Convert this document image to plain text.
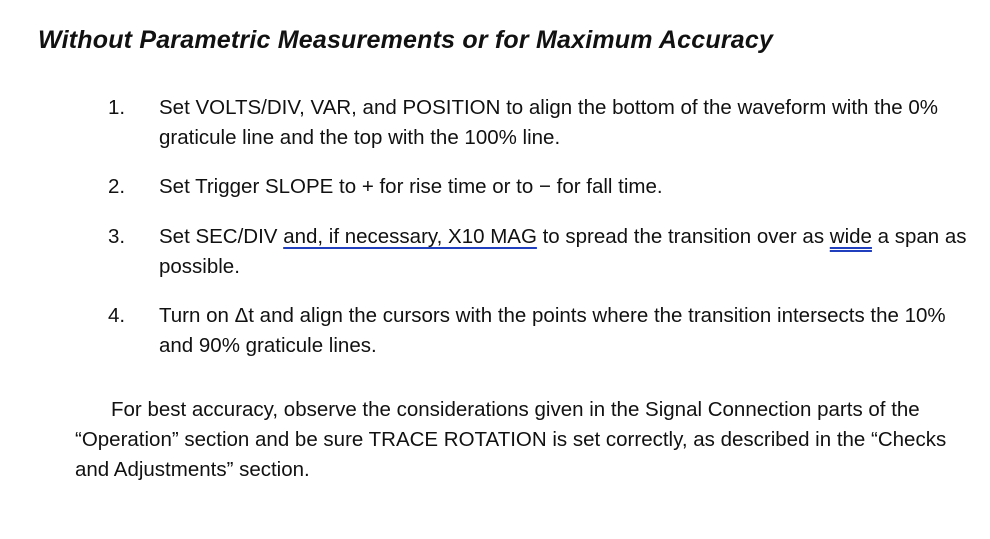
Without Parametric Measurements or for Maximum Accuracy
1. Set VOLTS/DIV, VAR, and POSITION to align the bottom of the waveform with the 0% graticule line and the top with the 100% line.
2. Set Trigger SLOPE to + for rise time or to − for fall time.
3. Set SEC/DIV and, if necessary, X10 MAG to spread the transition over as wide a span as possible.
4. Turn on Δt and align the cursors with the points where the transition intersects the 10% and 90% graticule lines.

For best accuracy, observe the considerations given in the Signal Connection parts of the “Operation” section and be sure TRACE ROTATION is set correctly, as described in the “Checks and Adjustments” section.
